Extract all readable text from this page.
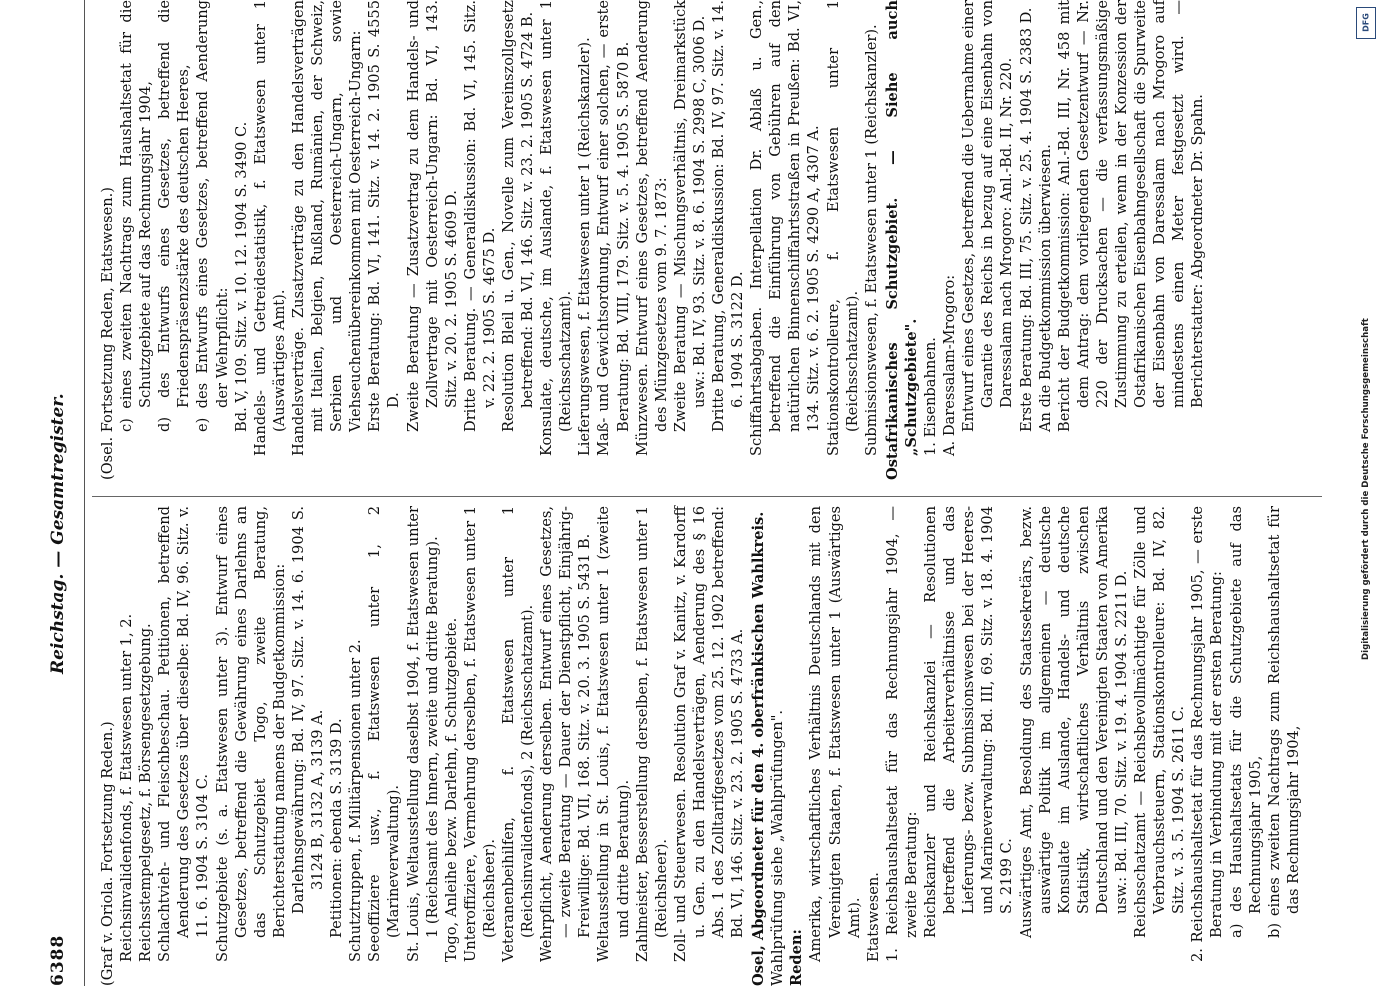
6388
Reichstag. — Gesamtregister.

(Graf v. Oriola. Fortsetzung Reden.) Reichsinvalidenfonds, f. Etatswesen unter 1, 2. Reichsstempelgesetz, f. Börsengesetzgebung. Schlachtvieh- und Fleischbeschau. Petitionen, betreffend Aenderung des Gesetzes über dieselbe: Bd. IV, 96. Sitz. v. 11. 6. 1904 S. 3104 C. Schutzgebiete (s. a. Etatswesen unter 3). Entwurf eines Gesetzes, betreffend die Gewährung eines Darlehns an das Schutzgebiet Togo, zweite Beratung, Berichterstattung namens der Budgetkommission: Darlehnsgewährung: Bd. IV, 97. Sitz. v. 14. 6. 1904 S. 3124 B, 3132 A, 3139 A. Petitionen: ebenda S. 3139 D. Schutztruppen, f. Militärpensionen unter 2. Seeoffiziere usw., f. Etatswesen unter 1, 2 (Marineverwaltung). St. Louis, Weltausstellung daselbst 1904, f. Etatswesen unter 1 (Reichsamt des Innern, zweite und dritte Beratung). Togo, Anleihe bezw. Darlehn, f. Schutzgebiete. Unteroffiziere, Vermehrung derselben, f. Etatswesen unter 1 (Reichsheer). Veteranenbeihilfen, f. Etatswesen unter 1 (Reichsinvalidenfonds), 2 (Reichsschatzamt). Wehrpflicht, Aenderung derselben. Entwurf eines Gesetzes, — zweite Beratung — Dauer der Dienstpflicht, Einjährig-Freiwillige: Bd. VII, 168. Sitz. v. 20. 3. 1905 S. 5431 B. Weltausstellung in St. Louis, f. Etatswesen unter 1 (zweite und dritte Beratung). Zahlmeister, Besserstellung derselben, f. Etatswesen unter 1 (Reichsheer). Zoll- und Steuerwesen. Resolution Graf v. Kanitz, v. Kardorff u. Gen. zu den Handelsverträgen, Aenderung des § 16 Abs. 1 des Zolltarifgesetzes vom 25. 12. 1902 betreffend: Bd. VI, 146. Sitz. v. 23. 2. 1905 S. 4733 A. Osel, Abgeordneter für den 4. oberfränkischen Wahlkreis. Wahlprüfung siehe „Wahlprüfungen". Reden: Amerika, wirtschaftliches Verhältnis Deutschlands mit den Vereinigten Staaten, f. Etatswesen unter 1 (Auswärtiges Amt). Etatswesen. 1. Reichshaushaltsetat für das Rechnungsjahr 1904, — zweite Beratung: Reichskanzler und Reichskanzlei — Resolutionen betreffend die Arbeiterverhältnisse und das Lieferungs- bezw. Submissionswesen bei der Heeres- und Marineverwaltung: Bd. III, 69. Sitz. v. 18. 4. 1904 S. 2199 C. Auswärtiges Amt, Besoldung des Staatssekretärs, bezw. auswärtige Politik im allgemeinen — deutsche Konsulate im Auslande, Handels- und deutsche Statistik, wirtschaftliches Verhältnis zwischen Deutschland und den Vereinigten Staaten von Amerika usw.: Bd. III, 70. Sitz. v. 19. 4. 1904 S. 2211 D. Reichsschatzamt — Reichsbevollmächtigte für Zölle und Verbrauchssteuern, Stationskontrolleure: Bd. IV, 82. Sitz. v. 3. 5. 1904 S. 2611 C. 2. Reichshaushaltsetat für das Rechnungsjahr 1905, — erste Beratung in Verbindung mit der ersten Beratung: a) des Haushaltsetats für die Schutzgebiete auf das Rechnungsjahr 1905, b) eines zweiten Nachtrags zum Reichshaushaltsetat für das Rechnungsjahr 1904,

(Osel. Fortsetzung Reden, Etatswesen.) c) eines zweiten Nachtrags zum Haushaltsetat für die Schutzgebiete auf das Rechnungsjahr 1904, d) des Entwurfs eines Gesetzes, betreffend die Friedenspräsenzstärke des deutschen Heeres, e) des Entwurfs eines Gesetzes, betreffend Aenderung der Wehrpflicht: Bd. V, 109. Sitz. v. 10. 12. 1904 S. 3490 C. Handels- und Getreidestatistik, f. Etatswesen unter 1 (Auswärtiges Amt). Handelsverträge. Zusatzverträge zu den Handelsverträgen mit Italien, Belgien, Rußland, Rumänien, der Schweiz, Serbien und Oesterreich-Ungarn, sowie Viehseuchenübereinkommen mit Oesterreich-Ungarn: Erste Beratung: Bd. VI, 141. Sitz. v. 14. 2. 1905 S. 4555 D. Zweite Beratung — Zusatzvertrag zu dem Handels- und Zollvertrage mit Oesterreich-Ungarn: Bd. VI, 143. Sitz. v. 20. 2. 1905 S. 4609 D. Dritte Beratung. — Generaldiskussion: Bd. VI, 145. Sitz. v. 22. 2. 1905 S. 4675 D. Resolution Bleil u. Gen., Novelle zum Vereinszollgesetz betreffend: Bd. VI, 146. Sitz. v. 23. 2. 1905 S. 4724 B. Konsulate, deutsche, im Auslande, f. Etatswesen unter 1 (Reichsschatzamt). Lieferungswesen, f. Etatswesen unter 1 (Reichskanzler). Maß- und Gewichtsordnung, Entwurf einer solchen, — erste Beratung: Bd. VIII, 179. Sitz. v. 5. 4. 1905 S. 5870 B. Münzwesen. Entwurf eines Gesetzes, betreffend Aenderung des Münzgesetzes vom 9. 7. 1873: Zweite Beratung — Mischungsverhältnis, Dreimarkstück usw.: Bd. IV, 93. Sitz. v. 8. 6. 1904 S. 2998 C, 3006 D. Dritte Beratung, Generaldiskussion: Bd. IV, 97. Sitz. v. 14. 6. 1904 S. 3122 D. Schiffahrtsabgaben. Interpellation Dr. Ablaß u. Gen., betreffend die Einführung von Gebühren auf den natürlichen Binnenschiffahrtsstraßen in Preußen: Bd. VI, 134. Sitz. v. 6. 2. 1905 S. 4290 A, 4307 A. Stationskontrolleure, f. Etatswesen unter 1 (Reichsschatzamt). Submissionswesen, f. Etatswesen unter 1 (Reichskanzler). Ostafrikanisches Schutzgebiet. — Siehe auch „Schutzgebiete". 1. Eisenbahnen. A. Daressalam-Mrogoro: Entwurf eines Gesetzes, betreffend die Uebernahme einer Garantie des Reichs in bezug auf eine Eisenbahn von Daressalam nach Mrogoro: Anl.-Bd. II, Nr. 220. Erste Beratung: Bd. III, 75. Sitz. v. 25. 4. 1904 S. 2383 D. An die Budgetkommission überwiesen. Bericht der Budgetkommission: Anl.-Bd. III, Nr. 458 mit dem Antrag: dem vorliegenden Gesetzentwurf — Nr. 220 der Drucksachen — die verfassungsmäßige Zustimmung zu erteilen, wenn in der Konzession der Ostafrikanischen Eisenbahngesellschaft die Spurweite der Eisenbahn von Daressalam nach Mrogoro auf mindestens einen Meter festgesetzt wird. — Berichterstatter: Abgeordneter Dr. Spahn.

DFG
Digitalisierung gefördert durch die Deutsche Forschungsgemeinschaft
